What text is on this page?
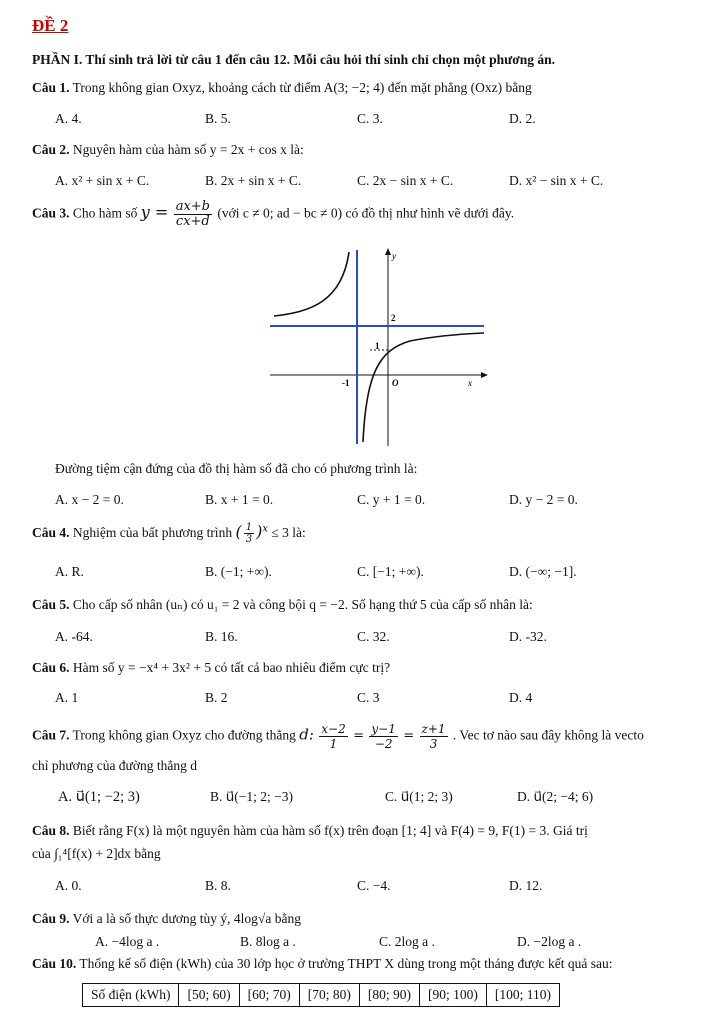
ĐỀ 2
PHẦN I. Thí sinh trả lời từ câu 1 đến câu 12. Mỗi câu hỏi thí sinh chỉ chọn một phương án.
Câu 1. Trong không gian Oxyz, khoảng cách từ điểm A(3; −2; 4) đến mặt phẳng (Oxz) bằng
A. 4.	B. 5.	C. 3.	D. 2.
Câu 2. Nguyên hàm của hàm số y = 2x + cos x là:
A. x² + sin x + C.	B. 2x + sin x + C.	C. 2x − sin x + C.	D. x² − sin x + C.
Câu 3. Cho hàm số $y = \frac{ax+b}{cx+d}$ (với c ≠ 0; ad − bc ≠ 0) có đồ thị như hình vẽ dưới đây.
y
x
O
2
1
-1
Đường tiệm cận đứng của đồ thị hàm số đã cho có phương trình là:
A. x − 2 = 0.	B. x + 1 = 0.	C. y + 1 = 0.	D. y − 2 = 0.
Câu 4. Nghiệm của bất phương trình ( $\frac{1}{3} )^x \le 3$ là:
A. R.	B. (−1; +∞).	C. [−1; +∞).	D. (−∞; −1].
Câu 5. Cho cấp số nhân (uₙ) có u₁ = 2 và công bội q = −2. Số hạng thứ 5 của cấp số nhân là:
A. -64.	B. 16.	C. 32.	D. -32.
Câu 6. Hàm số y = −x⁴ + 3x² + 5 có tất cả bao nhiêu điểm cực trị?
A. 1	B. 2	C. 3	D. 4
Câu 7. Trong không gian Oxyz cho đường thẳng d: $\frac{x-2}{1} = \frac{y-1}{-2} = \frac{z+1}{3}$ . Vec tơ nào sau đây không là vecto
chỉ phương của đường thẳng d
A. u⃗(1; −2; 3)	B. u⃗(−1; 2; −3)	C. u⃗(1; 2; 3)	D. u⃗(2; −4; 6)
Câu 8. Biết rằng F(x) là một nguyên hàm của hàm số f(x) trên đoạn [1; 4] và F(4) = 9, F(1) = 3. Giá trị
của ∫₁⁴[f(x) + 2]dx bằng
A. 0.	B. 8.	C. −4.	D. 12.
Câu 9. Với a là số thực dương tùy ý, 4log√a bằng
A. −4log a .	B. 8log a .	C. 2log a .	D. −2log a .
Câu 10. Thống kế số điện (kWh) của 30 lớp học ở trường THPT X dùng trong một tháng được kết quả sau:
Số điện (kWh)	[50; 60)	[60; 70)	[70; 80)	[80; 90)	[90; 100)	[100; 110)
